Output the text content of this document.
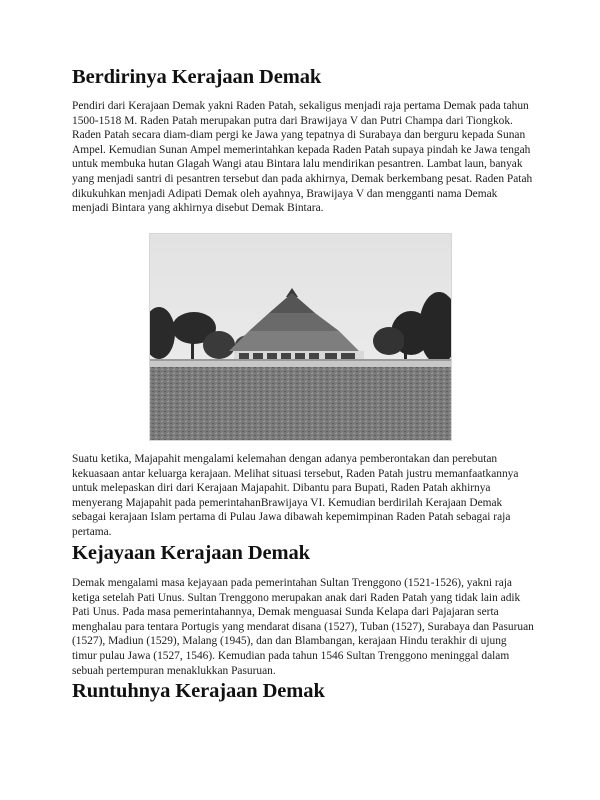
Berdirinya Kerajaan Demak

Pendiri dari Kerajaan Demak yakni Raden Patah, sekaligus menjadi raja pertama Demak pada tahun 1500-1518 M. Raden Patah merupakan putra dari Brawijaya V dan Putri Champa dari Tiongkok. Raden Patah secara diam-diam pergi ke Jawa yang tepatnya di Surabaya dan berguru kepada Sunan Ampel. Kemudian Sunan Ampel memerintahkan kepada Raden Patah supaya pindah ke Jawa tengah untuk membuka hutan Glagah Wangi atau Bintara lalu mendirikan pesantren. Lambat laun, banyak yang menjadi santri di pesantren tersebut dan pada akhirnya, Demak berkembang pesat. Raden Patah dikukuhkan menjadi Adipati Demak oleh ayahnya, Brawijaya V dan mengganti nama Demak menjadi Bintara yang akhirnya disebut Demak Bintara.

Suatu ketika, Majapahit mengalami kelemahan dengan adanya pemberontakan dan perebutan kekuasaan antar keluarga kerajaan. Melihat situasi tersebut, Raden Patah justru memanfaatkannya untuk melepaskan diri dari Kerajaan Majapahit. Dibantu para Bupati, Raden Patah akhirnya menyerang Majapahit pada pemerintahanBrawijaya VI. Kemudian berdirilah Kerajaan Demak sebagai kerajaan Islam pertama di Pulau Jawa dibawah kepemimpinan Raden Patah sebagai raja pertama.

Kejayaan Kerajaan Demak

Demak mengalami masa kejayaan pada pemerintahan Sultan Trenggono (1521-1526), yakni raja ketiga setelah Pati Unus. Sultan Trenggono merupakan anak dari Raden Patah yang tidak lain adik Pati Unus. Pada masa pemerintahannya, Demak menguasai Sunda Kelapa dari Pajajaran serta menghalau para tentara Portugis yang mendarat disana (1527), Tuban (1527), Surabaya dan Pasuruan (1527), Madiun (1529), Malang (1945), dan dan Blambangan, kerajaan Hindu terakhir di ujung timur pulau Jawa (1527, 1546). Kemudian pada tahun 1546 Sultan Trenggono meninggal dalam sebuah pertempuran menaklukkan Pasuruan.

Runtuhnya Kerajaan Demak
